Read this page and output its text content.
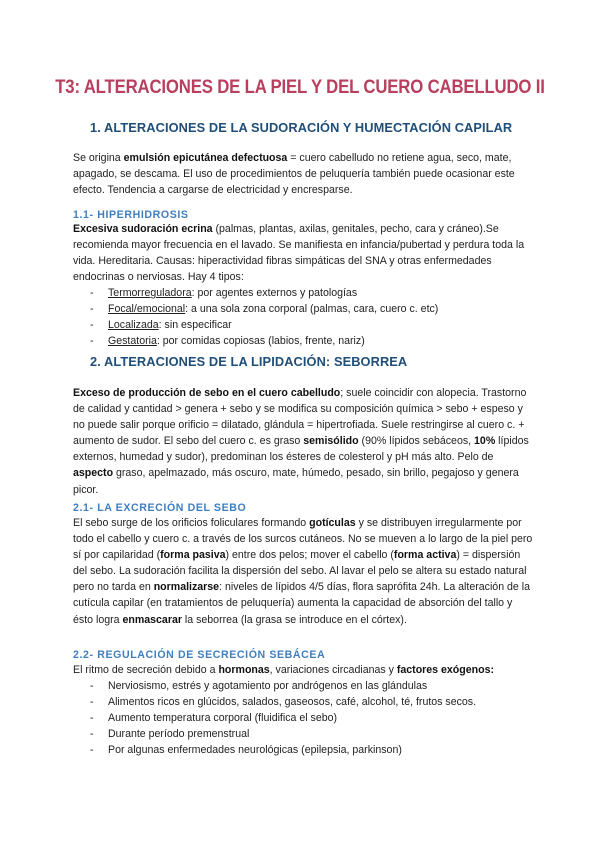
T3: ALTERACIONES DE LA PIEL Y DEL CUERO CABELLUDO II
1. ALTERACIONES DE LA SUDORACIÓN Y HUMECTACIÓN CAPILAR

Se origina emulsión epicutánea defectuosa = cuero cabelludo no retiene agua, seco, mate, apagado, se descama. El uso de procedimientos de peluquería también puede ocasionar este efecto. Tendencia a cargarse de electricidad y encresparse.

1.1- HIPERHIDROSIS

Excesiva sudoración ecrina (palmas, plantas, axilas, genitales, pecho, cara y cráneo).Se recomienda mayor frecuencia en el lavado. Se manifiesta en infancia/pubertad y perdura toda la vida. Hereditaria. Causas: hiperactividad fibras simpáticas del SNA y otras enfermedades endocrinas o nerviosas. Hay 4 tipos:

- Termorreguladora: por agentes externos y patologías
- Focal/emocional: a una sola zona corporal (palmas, cara, cuero c. etc)
- Localizada: sin especificar
- Gestatoria: por comidas copiosas (labios, frente, nariz)
2. ALTERACIONES DE LA LIPIDACIÓN: SEBORREA

Exceso de producción de sebo en el cuero cabelludo; suele coincidir con alopecia. Trastorno de calidad y cantidad > genera + sebo y se modifica su composición química > sebo + espeso y no puede salir porque orificio = dilatado, glándula = hipertrofiada. Suele restringirse al cuero c. + aumento de sudor. El sebo del cuero c. es graso semisólido (90% lípidos sebáceos, 10% lípidos externos, humedad y sudor), predominan los ésteres de colesterol y pH más alto. Pelo de aspecto graso, apelmazado, más oscuro, mate, húmedo, pesado, sin brillo, pegajoso y genera picor.

2.1- LA EXCRECIÓN DEL SEBO

El sebo surge de los orificios foliculares formando gotículas y se distribuyen irregularmente por todo el cabello y cuero c. a través de los surcos cutáneos. No se mueven a lo largo de la piel pero sí por capilaridad (forma pasiva) entre dos pelos; mover el cabello (forma activa) = dispersión del sebo. La sudoración facilita la dispersión del sebo. Al lavar el pelo se altera su estado natural pero no tarda en normalizarse: niveles de lípidos 4/5 días, flora saprófita 24h. La alteración de la cutícula capilar (en tratamientos de peluquería) aumenta la capacidad de absorción del tallo y ésto logra enmascarar la seborrea (la grasa se introduce en el córtex).

2.2- REGULACIÓN DE SECRECIÓN SEBÁCEA

El ritmo de secreción debido a hormonas, variaciones circadianas y factores exógenos:

- Nerviosismo, estrés y agotamiento por andrógenos en las glándulas
- Alimentos ricos en glúcidos, salados, gaseosos, café, alcohol, té, frutos secos.
- Aumento temperatura corporal (fluidifica el sebo)
- Durante período premenstrual
- Por algunas enfermedades neurológicas (epilepsia, parkinson)
